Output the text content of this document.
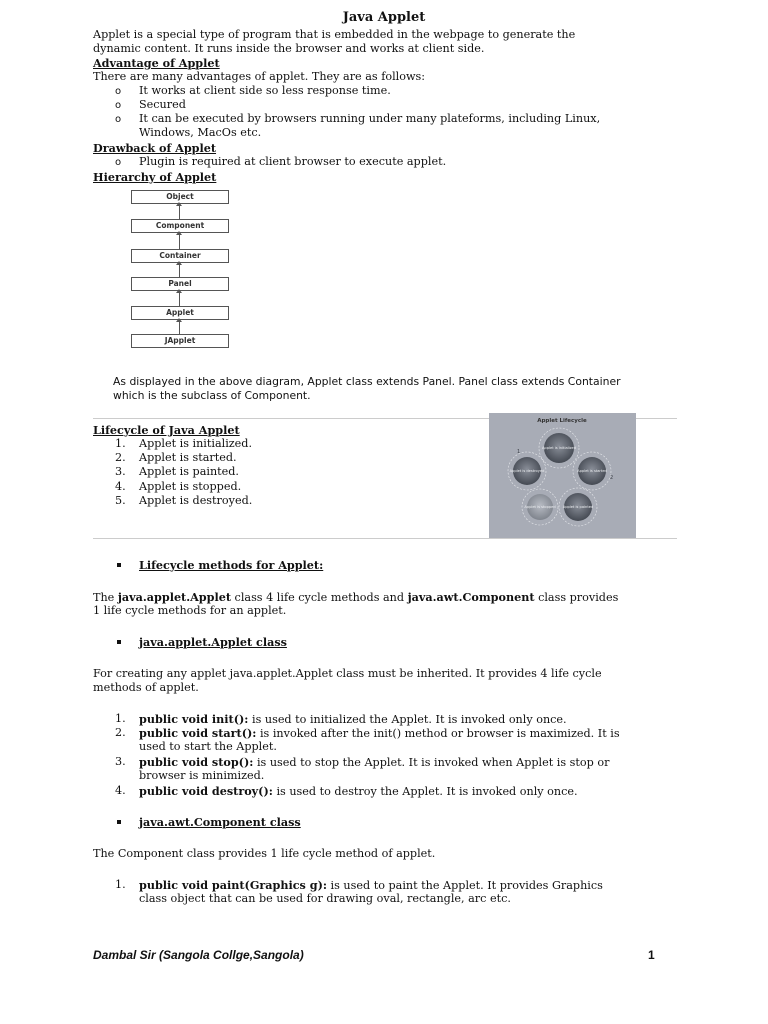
Java Applet
Applet is a special type of program that is embedded in the webpage to generate the
dynamic content. It runs inside the browser and works at client side.
Advantage of Applet
There are many advantages of applet. They are as follows:
o It works at client side so less response time.
o Secured
o It can be executed by browsers running under many plateforms, including Linux,
Windows, MacOs etc.
Drawback of Applet
o Plugin is required at client browser to execute applet.
Hierarchy of Applet
Object
Component
Container
Panel
Applet
JApplet
As displayed in the above diagram, Applet class extends Panel. Panel class extends Container
which is the subclass of Component.
Lifecycle of Java Applet
1. Applet is initialized.
2. Applet is started.
3. Applet is painted.
4. Applet is stopped.
5. Applet is destroyed.
Applet Lifecycle
Applet is initialized
Applet is started
Applet is painted
Applet is stopped
Applet is destroyed
1
2
Lifecycle methods for Applet:
The java.applet.Applet class 4 life cycle methods and java.awt.Component class provides
1 life cycle methods for an applet.
java.applet.Applet class
For creating any applet java.applet.Applet class must be inherited. It provides 4 life cycle
methods of applet.
1. public void init(): is used to initialized the Applet. It is invoked only once.
2. public void start(): is invoked after the init() method or browser is maximized. It is
used to start the Applet.
3. public void stop(): is used to stop the Applet. It is invoked when Applet is stop or
browser is minimized.
4. public void destroy(): is used to destroy the Applet. It is invoked only once.
java.awt.Component class
The Component class provides 1 life cycle method of applet.
1. public void paint(Graphics g): is used to paint the Applet. It provides Graphics
class object that can be used for drawing oval, rectangle, arc etc.
Dambal Sir (Sangola Collge,Sangola)	1
